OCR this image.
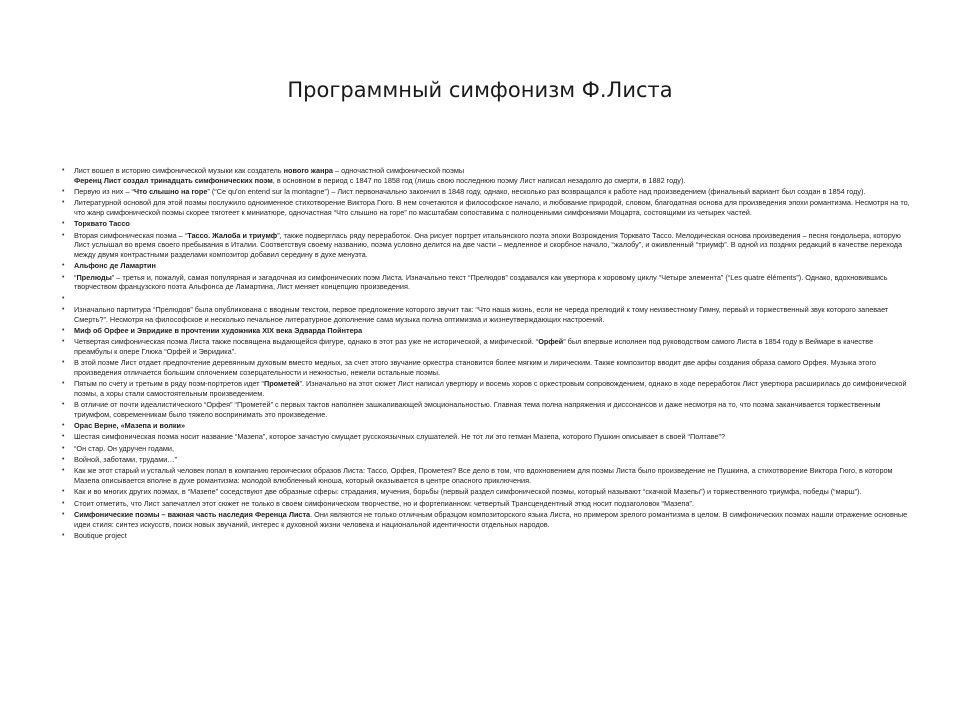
Программный симфонизм Ф.Листа
• Лист вошел в историю симфонической музыки как создатель нового жанра – одночастной симфонической поэмы
Ференц Лист создал тринадцать симфонических поэм, в основном в период с 1847 по 1858 год (лишь свою последнюю поэму Лист написал незадолго до смерти, в 1882 году).
• Первую из них – “Что слышно на горе” (“Ce qu'on entend sur la montagne”) – Лист первоначально закончил в 1848 году, однако, несколько раз возвращался к работе над произведением (финальный вариант был создан в 1854 году).
• Литературной основой для этой поэмы послужило одноименное стихотворение Виктора Гюго. В нем сочетаются и философское начало, и любование природой, словом, благодатная основа для произведения эпохи романтизма. Несмотря на то, что жанр симфонической поэмы скорее тяготеет к миниатюре, одночастная “Что слышно на горе” по масштабам сопоставима с полноценными симфониями Моцарта, состоящими из четырех частей.
• Торквато Тассо
• Вторая симфоническая поэма – “Тассо. Жалоба и триумф”, также подверглась ряду переработок. Она рисует портрет итальянского поэта эпохи Возрождения Торквато Тассо. Мелодическая основа произведения – песня гондольера, которую Лист услышал во время своего пребывания в Италии. Соответствуя своему названию, поэма условно делится на две части – медленное и скорбное начало, “жалобу”, и оживленный “триумф”. В одной из поздних редакций в качестве перехода между двумя контрастными разделами композитор добавил середину в духе менуэта.
• Альфонс де Ламартин
• “Прелюды” – третья и, пожалуй, самая популярная и загадочная из симфонических поэм Листа. Изначально текст “Прелюдов” создавался как увертюра к хоровому циклу “Четыре элемента” (“Les quatre éléments”). Однако, вдохновившись творчеством французского поэта Альфонса де Ламартина, Лист меняет концепцию произведения.
•
• Изначально партитура “Прелюдов” была опубликована с вводным текстом, первое предложение которого звучит так: “Что наша жизнь, если не череда прелюдий к тому неизвестному Гимну, первый и торжественный звук которого запевает Смерть?”. Несмотря на философское и несколько печальное литературное дополнение сама музыка полна оптимизма и жизнеутверждающих настроений.
• Миф об Орфее и Эвридике в прочтении художника XIX века Эдварда Пойнтера
• Четвертая симфоническая поэма Листа также посвящена выдающейся фигуре, однако в этот раз уже не исторической, а мифической. “Орфей” был впервые исполнен под руководством самого Листа в 1854 году в Веймаре в качестве преамбулы к опере Глюка “Орфей и Эвридика”.
• В этой поэме Лист отдает предпочтение деревянным духовым вместо медных, за счет этого звучание оркестра становится более мягким и лирическим. Также композитор вводит две арфы создания образа самого Орфея. Музыка этого произведения отличается большим сплочением созерцательности и нежностью, нежели остальные поэмы.
• Пятым по счету и третьим в ряду поэм-портретов идет “Прометей”. Изначально на этот сюжет Лист написал увертюру и восемь хоров с оркестровым сопровождением, однако в ходе переработок Лист увертюра расширилась до симфонической поэмы, а хоры стали самостоятельным произведением.
• В отличие от почти идеалистического “Орфея” “Прометей” с первых тактов наполнен зашкаливающей эмоциональностью. Главная тема полна напряжения и диссонансов и даже несмотря на то, что поэма заканчивается торжественным триумфом, современникам было тяжело воспринимать это произведение.
• Орас Верне, «Мазепа и волки»
• Шестая симфоническая поэма носит название “Мазепа”, которое зачастую смущает русскоязычных слушателей. Не тот ли это гетман Мазепа, которого Пушкин описывает в своей “Полтаве”?
• “Он стар. Он удручен годами,
• Войной, заботами, трудами…”
• Как же этот старый и усталый человек попал в компанию героических образов Листа: Тассо, Орфея, Прометея? Все дело в том, что вдохновением для поэмы Листа было произведение не Пушкина, а стихотворение Виктора Гюго, в котором Мазепа описывается вполне в духе романтизма: молодой влюбленный юноша, который оказывается в центре опасного приключения.
• Как и во многих других поэмах, в “Мазепе” соседствуют две образные сферы: страдания, мучения, борьбы (первый раздел симфонической поэмы, который называют “скачкой Мазепы”) и торжественного триумфа, победы (“марш”).
• Стоит отметить, что Лист запечатлел этот сюжет не только в своем симфоническом творчестве, но и фортепианном: четвертый Трансцендентный этюд носит подзаголовок “Мазепа”.
• Симфонические поэмы – важная часть наследия Ференца Листа. Они являются не только отличным образцом композиторского языка Листа, но примером зрелого романтизма в целом. В симфонических поэмах нашли отражение основные идеи стиля: синтез искусств, поиск новых звучаний, интерес к духовной жизни человека и национальной идентичности отдельных народов.
• Boutique project
